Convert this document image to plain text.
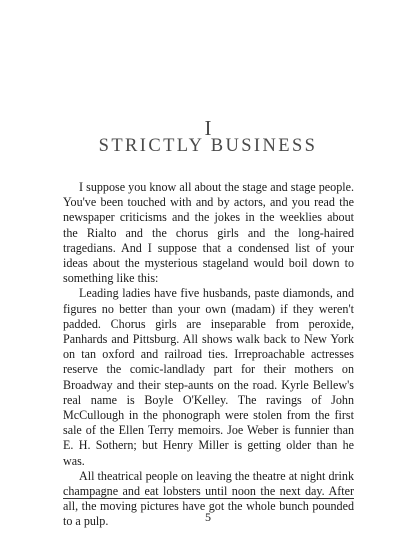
I
STRICTLY BUSINESS

I suppose you know all about the stage and stage people. You've been touched with and by actors, and you read the newspaper criticisms and the jokes in the weeklies about the Rialto and the chorus girls and the long-haired tragedians. And I suppose that a condensed list of your ideas about the mysterious stageland would boil down to something like this:

Leading ladies have five husbands, paste diamonds, and figures no better than your own (madam) if they weren't padded. Chorus girls are inseparable from peroxide, Panhards and Pittsburg. All shows walk back to New York on tan oxford and railroad ties. Irreproachable actresses reserve the comic-landlady part for their mothers on Broadway and their step-aunts on the road. Kyrle Bellew's real name is Boyle O'Kelley. The ravings of John McCullough in the phonograph were stolen from the first sale of the Ellen Terry memoirs. Joe Weber is funnier than E. H. Sothern; but Henry Miller is getting older than he was.

All theatrical people on leaving the theatre at night drink champagne and eat lobsters until noon the next day. After all, the moving pictures have got the whole bunch pounded to a pulp.	5
